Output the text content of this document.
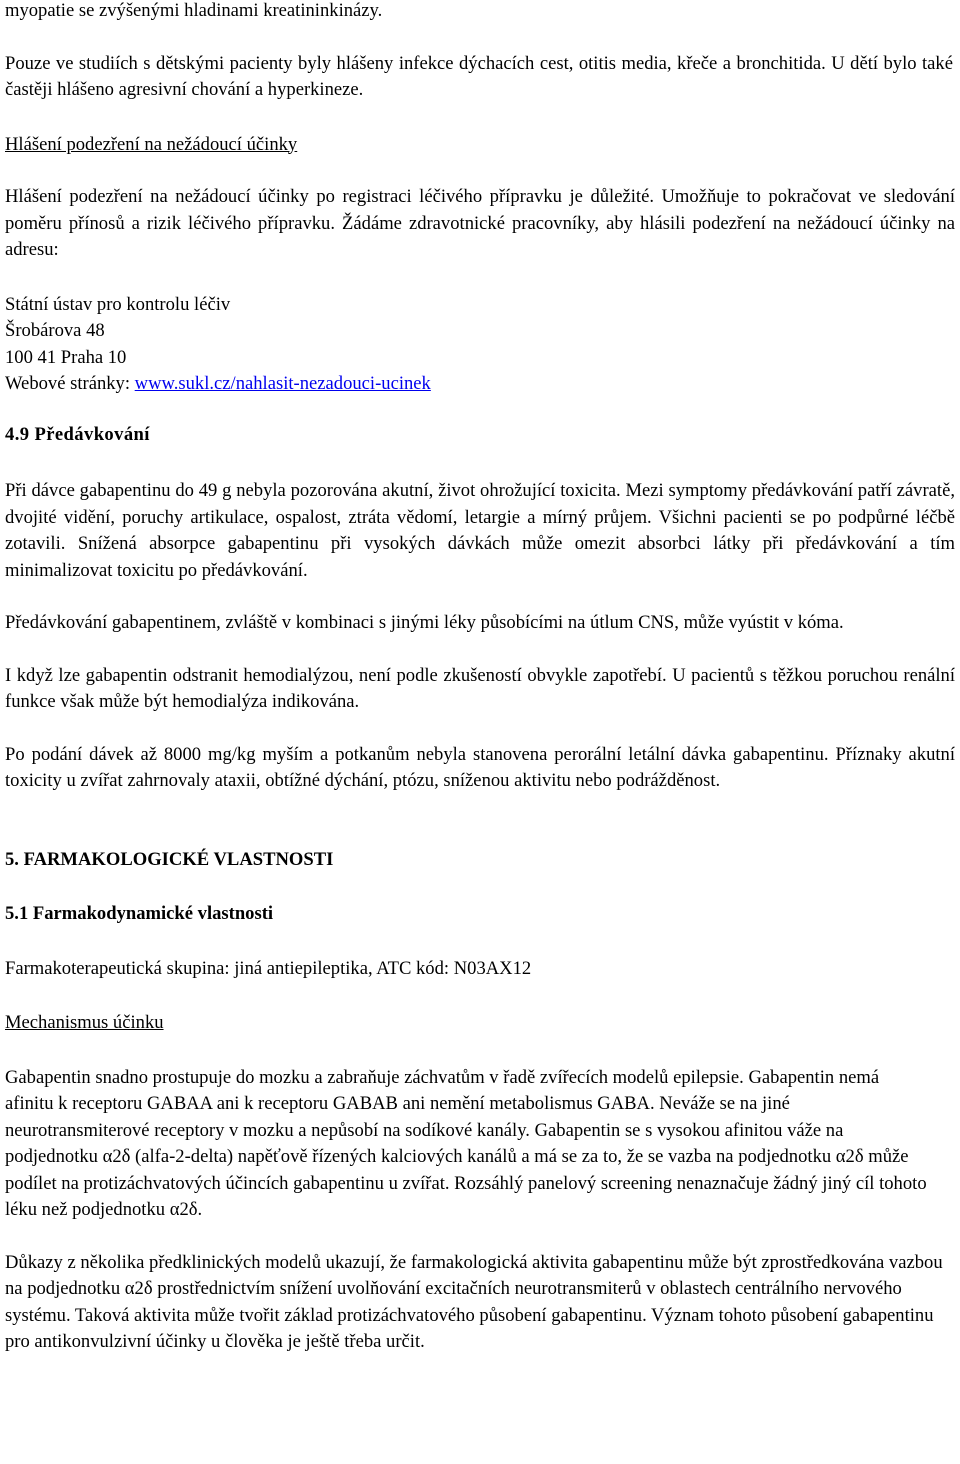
myopatie se zvýšenými hladinami kreatininkinázy.

Pouze ve studiích s dětskými pacienty byly hlášeny infekce dýchacích cest, otitis media, křeče a bronchitida. U dětí bylo také častěji hlášeno agresivní chování a hyperkineze.

Hlášení podezření na nežádoucí účinky

Hlášení podezření na nežádoucí účinky po registraci léčivého přípravku je důležité. Umožňuje to pokračovat ve sledování poměru přínosů a rizik léčivého přípravku. Žádáme zdravotnické pracovníky, aby hlásili podezření na nežádoucí účinky na adresu:

Státní ústav pro kontrolu léčiv
Šrobárova 48
100 41 Praha 10
Webové stránky: www.sukl.cz/nahlasit-nezadouci-ucinek

4.9 Předávkování

Při dávce gabapentinu do 49 g nebyla pozorována akutní, život ohrožující toxicita. Mezi symptomy předávkování patří závratě, dvojité vidění, poruchy artikulace, ospalost, ztráta vědomí, letargie a mírný průjem. Všichni pacienti se po podpůrné léčbě zotavili. Snížená absorpce gabapentinu při vysokých dávkách může omezit absorbci látky při předávkování a tím minimalizovat toxicitu po předávkování.

Předávkování gabapentinem, zvláště v kombinaci s jinými léky působícími na útlum CNS, může vyústit v kóma.

I když lze gabapentin odstranit hemodialýzou, není podle zkušeností obvykle zapotřebí. U pacientů s těžkou poruchou renální funkce však může být hemodialýza indikována.

Po podání dávek až 8000 mg/kg myším a potkanům nebyla stanovena perorální letální dávka gabapentinu. Příznaky akutní toxicity u zvířat zahrnovaly ataxii, obtížné dýchání, ptózu, sníženou aktivitu nebo podrážděnost.

5. FARMAKOLOGICKÉ VLASTNOSTI

5.1 Farmakodynamické vlastnosti

Farmakoterapeutická skupina: jiná antiepileptika, ATC kód: N03AX12

Mechanismus účinku

Gabapentin snadno prostupuje do mozku a zabraňuje záchvatům v řadě zvířecích modelů epilepsie. Gabapentin nemá afinitu k receptoru GABAA ani k receptoru GABAB ani nemění metabolismus GABA. Neváže se na jiné neurotransmiterové receptory v mozku a nepůsobí na sodíkové kanály. Gabapentin se s vysokou afinitou váže na podjednotku α2δ (alfa-2-delta) napěťově řízených kalciových kanálů a má se za to, že se vazba na podjednotku α2δ může podílet na protizáchvatových účincích gabapentinu u zvířat. Rozsáhlý panelový screening nenaznačuje žádný jiný cíl tohoto léku než podjednotku α2δ.

Důkazy z několika předklinických modelů ukazují, že farmakologická aktivita gabapentinu může být zprostředkována vazbou na podjednotku α2δ prostřednictvím snížení uvolňování excitačních neurotransmiterů v oblastech centrálního nervového systému. Taková aktivita může tvořit základ protizáchvatového působení gabapentinu. Význam tohoto působení gabapentinu pro antikonvulzivní účinky u člověka je ještě třeba určit.
